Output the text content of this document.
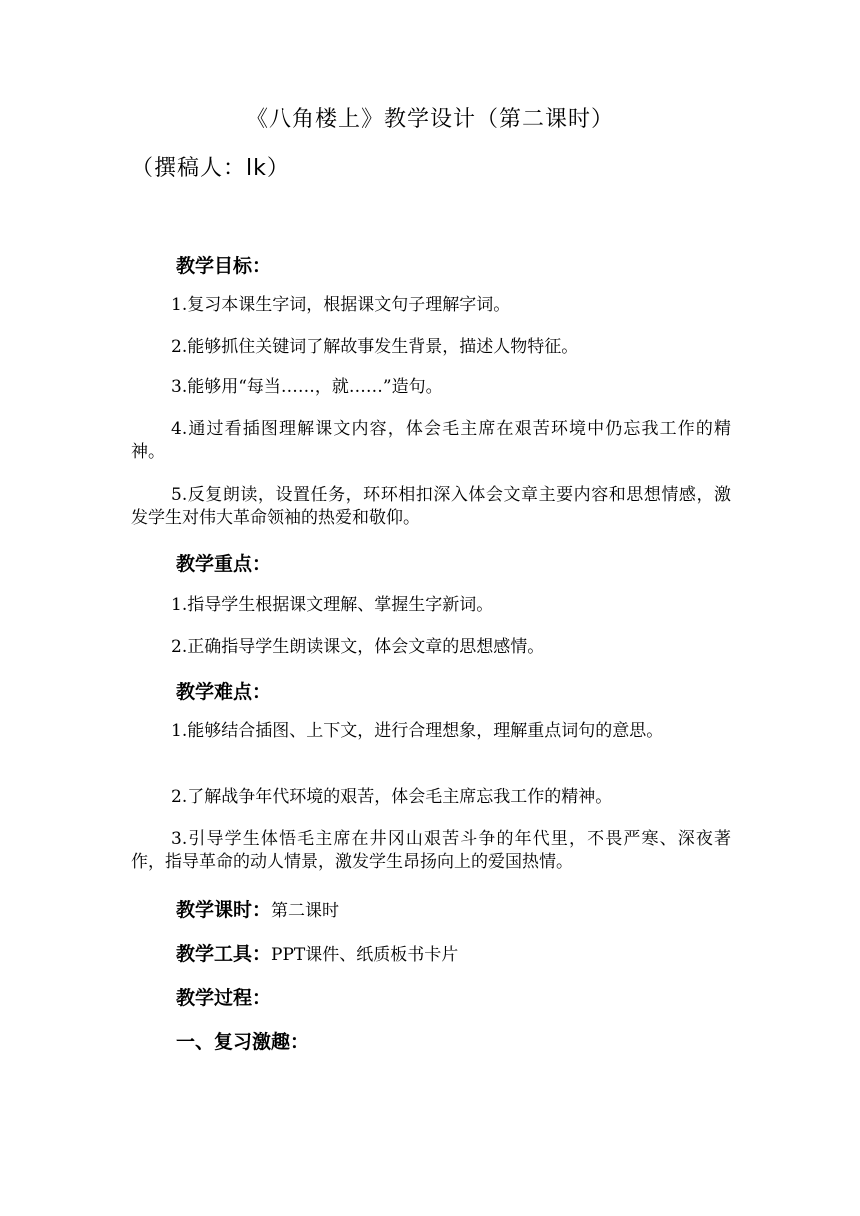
《八角楼上》教学设计（第二课时）
（撰稿人：lk）
教学目标：
1.复习本课生字词，根据课文句子理解字词。
2.能够抓住关键词了解故事发生背景，描述人物特征。
3.能够用“每当……，就……”造句。
4.通过看插图理解课文内容，体会毛主席在艰苦环境中仍忘我工作的精神。
5.反复朗读，设置任务，环环相扣深入体会文章主要内容和思想情感，激发学生对伟大革命领袖的热爱和敬仰。
教学重点：
1.指导学生根据课文理解、掌握生字新词。
2.正确指导学生朗读课文，体会文章的思想感情。
教学难点：
1.能够结合插图、上下文，进行合理想象，理解重点词句的意思。
2.了解战争年代环境的艰苦，体会毛主席忘我工作的精神。
3.引导学生体悟毛主席在井冈山艰苦斗争的年代里，不畏严寒、深夜著作，指导革命的动人情景，激发学生昂扬向上的爱国热情。
教学课时：第二课时
教学工具：PPT课件、纸质板书卡片
教学过程：
一、复习激趣：
